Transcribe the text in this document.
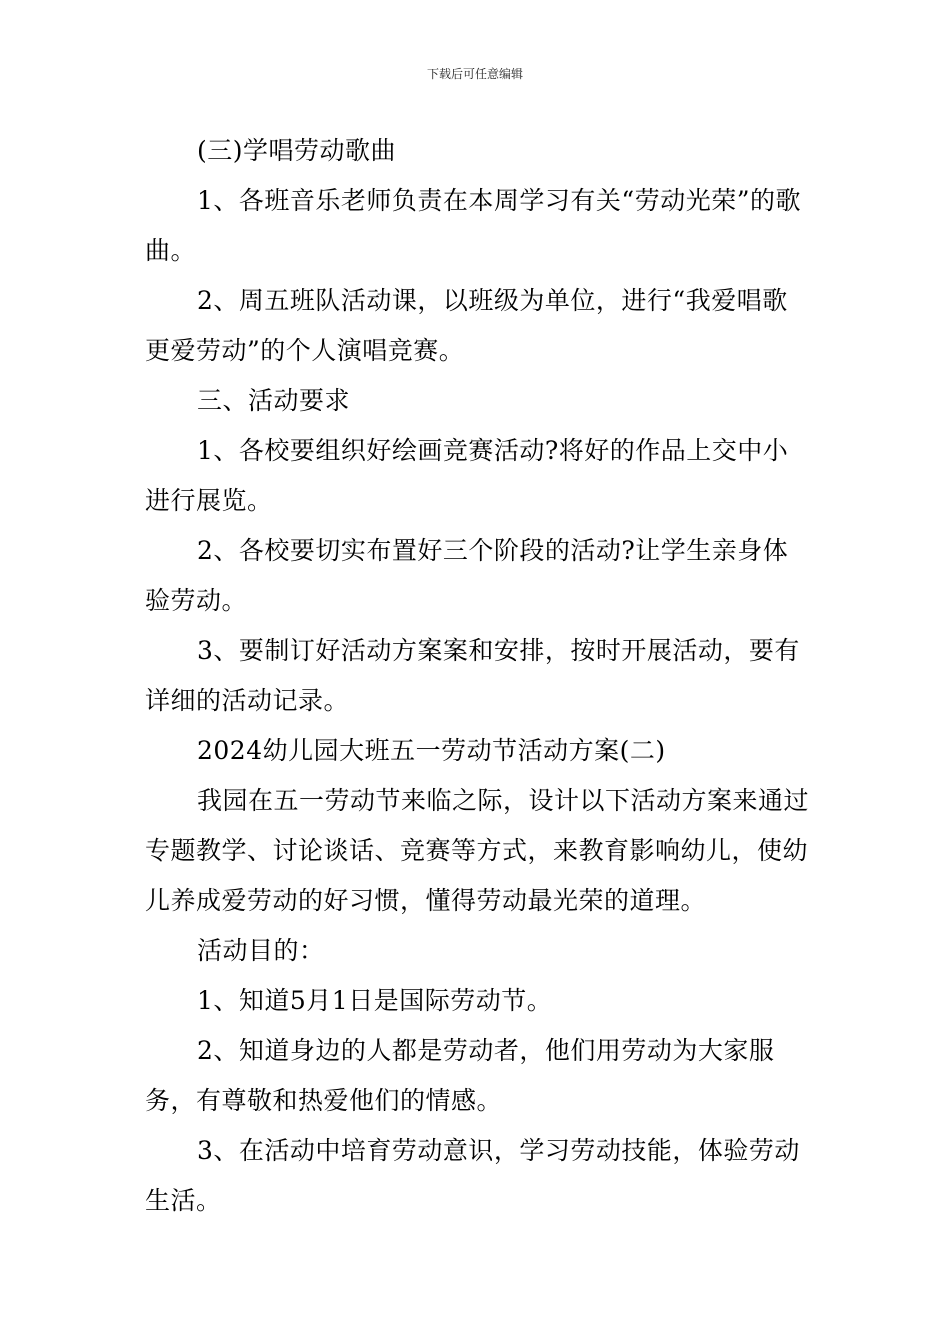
下载后可任意编辑

(三)学唱劳动歌曲

1、各班音乐老师负责在本周学习有关“劳动光荣”的歌曲。

2、周五班队活动课，以班级为单位，进行“我爱唱歌更爱劳动”的个人演唱竞赛。

三、活动要求

1、各校要组织好绘画竞赛活动?将好的作品上交中小进行展览。

2、各校要切实布置好三个阶段的活动?让学生亲身体验劳动。

3、要制订好活动方案案和安排，按时开展活动，要有详细的活动记录。

2024幼儿园大班五一劳动节活动方案(二)

我园在五一劳动节来临之际，设计以下活动方案来通过专题教学、讨论谈话、竞赛等方式，来教育影响幼儿，使幼儿养成爱劳动的好习惯，懂得劳动最光荣的道理。

活动目的：

1、知道5月1日是国际劳动节。

2、知道身边的人都是劳动者，他们用劳动为大家服务，有尊敬和热爱他们的情感。

3、在活动中培育劳动意识，学习劳动技能，体验劳动生活。
